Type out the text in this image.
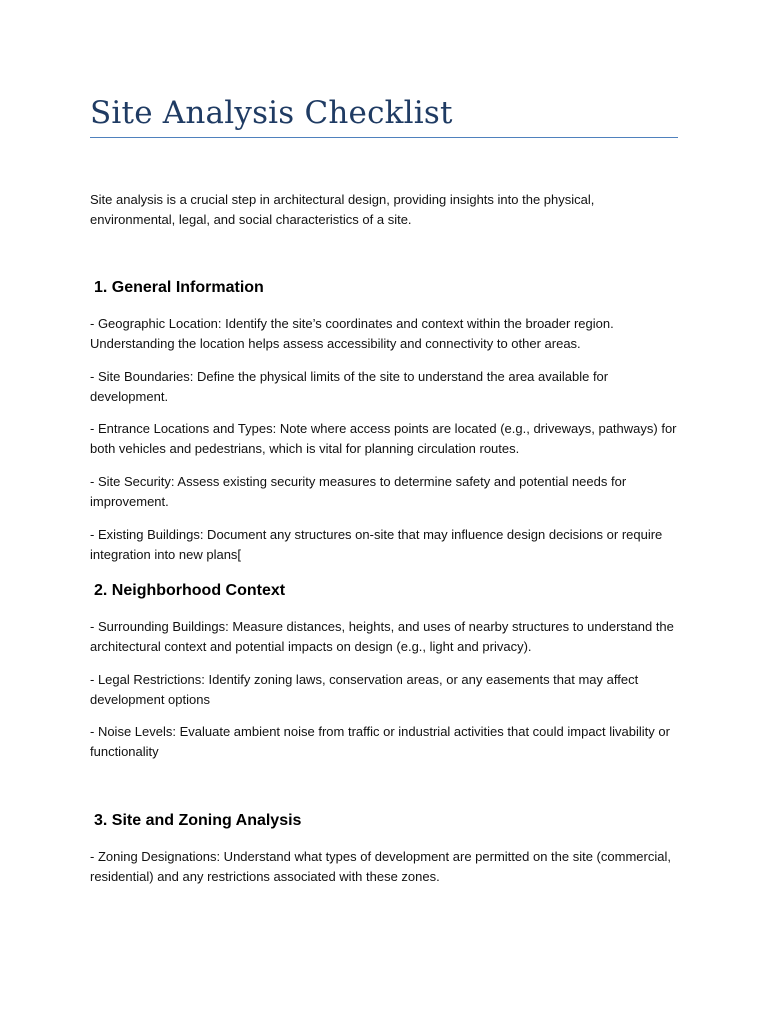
Site Analysis Checklist

Site analysis is a crucial step in architectural design, providing insights into the physical, environmental, legal, and social characteristics of a site.

1. General Information

- Geographic Location: Identify the site’s coordinates and context within the broader region. Understanding the location helps assess accessibility and connectivity to other areas.

- Site Boundaries: Define the physical limits of the site to understand the area available for development.

- Entrance Locations and Types: Note where access points are located (e.g., driveways, pathways) for both vehicles and pedestrians, which is vital for planning circulation routes.

- Site Security: Assess existing security measures to determine safety and potential needs for improvement.

- Existing Buildings: Document any structures on-site that may influence design decisions or require integration into new plans[

2. Neighborhood Context

- Surrounding Buildings: Measure distances, heights, and uses of nearby structures to understand the architectural context and potential impacts on design (e.g., light and privacy).

- Legal Restrictions: Identify zoning laws, conservation areas, or any easements that may affect development options

- Noise Levels: Evaluate ambient noise from traffic or industrial activities that could impact livability or functionality

3. Site and Zoning Analysis

- Zoning Designations: Understand what types of development are permitted on the site (commercial, residential) and any restrictions associated with these zones.
